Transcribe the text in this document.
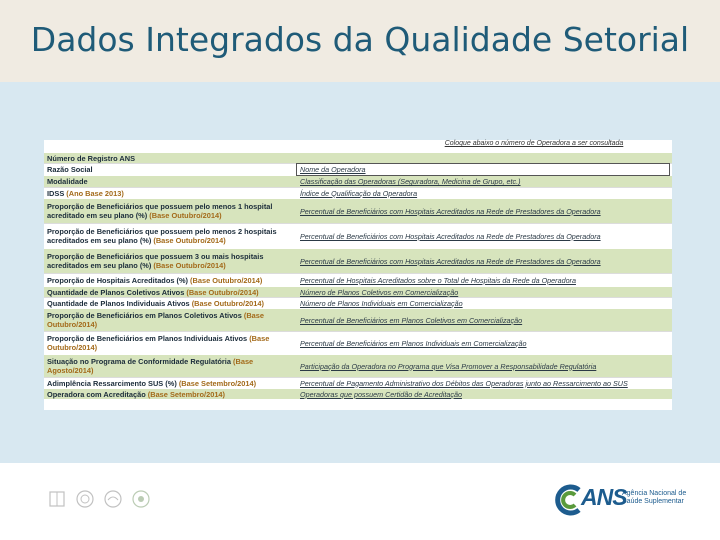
Dados Integrados da Qualidade Setorial
Coloque abaixo o número de Operadora a ser consultada
Número de Registro ANS
Razão Social	Nome da Operadora
Modalidade	Classificação das Operadoras (Seguradora, Medicina de Grupo, etc.)
IDSS (Ano Base 2013)	Índice de Qualificação da Operadora
Proporção de Beneficiários que possuem pelo menos 1 hospital acreditado em seu plano (%) (Base Outubro/2014)	Percentual de Beneficiários com Hospitais Acreditados na Rede de Prestadores da Operadora
Proporção de Beneficiários que possuem pelo menos 2 hospitais acreditados em seu plano (%) (Base Outubro/2014)	Percentual de Beneficiários com Hospitais Acreditados na Rede de Prestadores da Operadora
Proporção de Beneficiários que possuem 3 ou mais hospitais acreditados em seu plano (%) (Base Outubro/2014)	Percentual de Beneficiários com Hospitais Acreditados na Rede de Prestadores da Operadora
Proporção de Hospitais Acreditados (%) (Base Outubro/2014)	Percentual de Hospitais Acreditados sobre o Total de Hospitais da Rede da Operadora
Quantidade de Planos Coletivos Ativos (Base Outubro/2014)	Número de Planos Coletivos em Comercialização
Quantidade de Planos Individuais Ativos (Base Outubro/2014)	Número de Planos Individuais em Comercialização
Proporção de Beneficiários em Planos Coletivos Ativos (Base Outubro/2014)	Percentual de Beneficiários em Planos Coletivos em Comercialização
Proporção de Beneficiários em Planos Individuais Ativos (Base Outubro/2014)	Percentual de Beneficiários em Planos Individuais em Comercialização
Situação no Programa de Conformidade Regulatória (Base Agosto/2014)	Participação da Operadora no Programa que Visa Promover a Responsabilidade Regulatória
Adimplência Ressarcimento SUS (%) (Base Setembro/2014)	Percentual de Pagamento Administrativo dos Débitos das Operadoras junto ao Ressarcimento ao SUS
Operadora com Acreditação (Base Setembro/2014)	Operadoras que possuem Certidão de Acreditação
ANS
Agência Nacional de Saúde Suplementar
